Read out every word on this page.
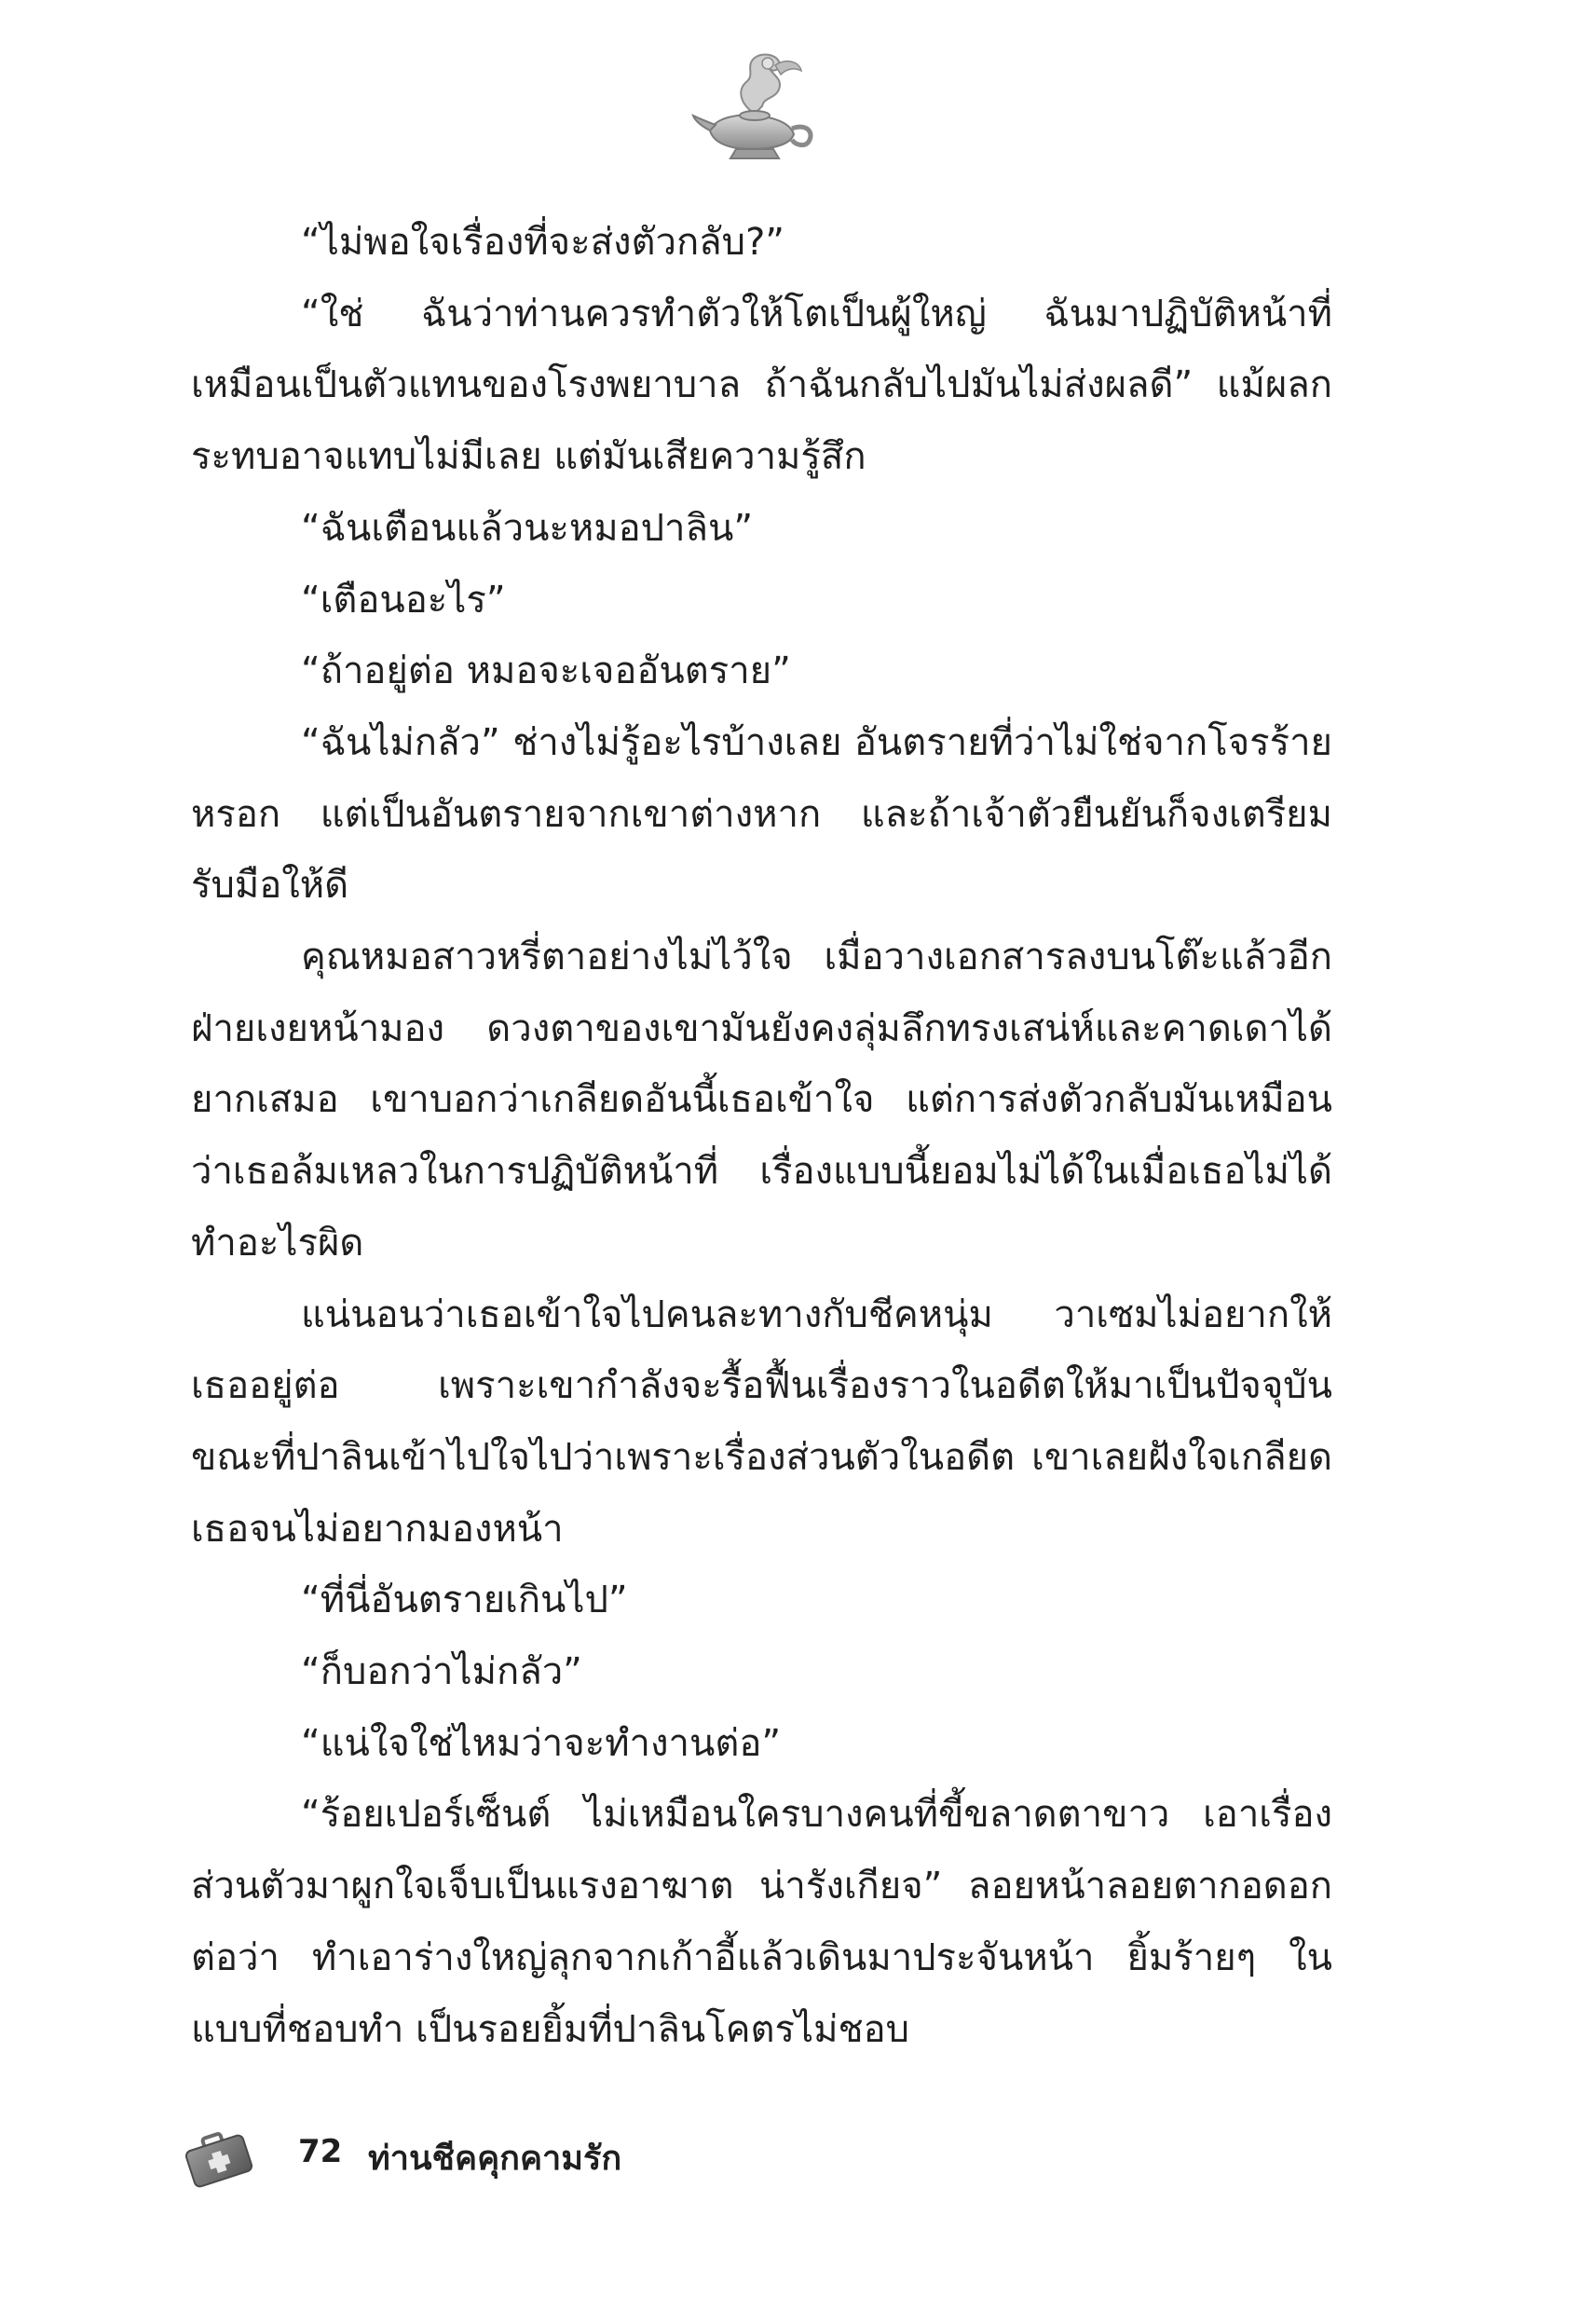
“ไม่พอใจเรื่องที่จะส่งตัวกลับ?”

“ใช่ ฉันว่าท่านควรทำตัวให้โตเป็นผู้ใหญ่ ฉันมาปฏิบัติหน้าที่เหมือนเป็นตัวแทนของโรงพยาบาล ถ้าฉันกลับไปมันไม่ส่งผลดี” แม้ผลกระทบอาจแทบไม่มีเลย แต่มันเสียความรู้สึก

“ฉันเตือนแล้วนะหมอปาลิน”

“เตือนอะไร”

“ถ้าอยู่ต่อ หมอจะเจออันตราย”

“ฉันไม่กลัว” ช่างไม่รู้อะไรบ้างเลย อันตรายที่ว่าไม่ใช่จากโจรร้ายหรอก แต่เป็นอันตรายจากเขาต่างหาก และถ้าเจ้าตัวยืนยันก็จงเตรียมรับมือให้ดี

คุณหมอสาวหรี่ตาอย่างไม่ไว้ใจ เมื่อวางเอกสารลงบนโต๊ะแล้วอีกฝ่ายเงยหน้ามอง ดวงตาของเขามันยังคงลุ่มลึกทรงเสน่ห์และคาดเดาได้ยากเสมอ เขาบอกว่าเกลียดอันนี้เธอเข้าใจ แต่การส่งตัวกลับมันเหมือนว่าเธอล้มเหลวในการปฏิบัติหน้าที่ เรื่องแบบนี้ยอมไม่ได้ในเมื่อเธอไม่ได้ทำอะไรผิด

แน่นอนว่าเธอเข้าใจไปคนละทางกับชีคหนุ่ม วาเซมไม่อยากให้เธออยู่ต่อ เพราะเขากำลังจะรื้อฟื้นเรื่องราวในอดีตให้มาเป็นปัจจุบัน ขณะที่ปาลินเข้าไปใจไปว่าเพราะเรื่องส่วนตัวในอดีต เขาเลยฝังใจเกลียดเธอจนไม่อยากมองหน้า

“ที่นี่อันตรายเกินไป”

“ก็บอกว่าไม่กลัว”

“แน่ใจใช่ไหมว่าจะทำงานต่อ”

“ร้อยเปอร์เซ็นต์ ไม่เหมือนใครบางคนที่ขี้ขลาดตาขาว เอาเรื่องส่วนตัวมาผูกใจเจ็บเป็นแรงอาฆาต น่ารังเกียจ” ลอยหน้าลอยตากอดอกต่อว่า ทำเอาร่างใหญ่ลุกจากเก้าอี้แล้วเดินมาประจันหน้า ยิ้มร้ายๆ ในแบบที่ชอบทำ เป็นรอยยิ้มที่ปาลินโคตรไม่ชอบ

72 ท่านชีคคุกคามรัก
